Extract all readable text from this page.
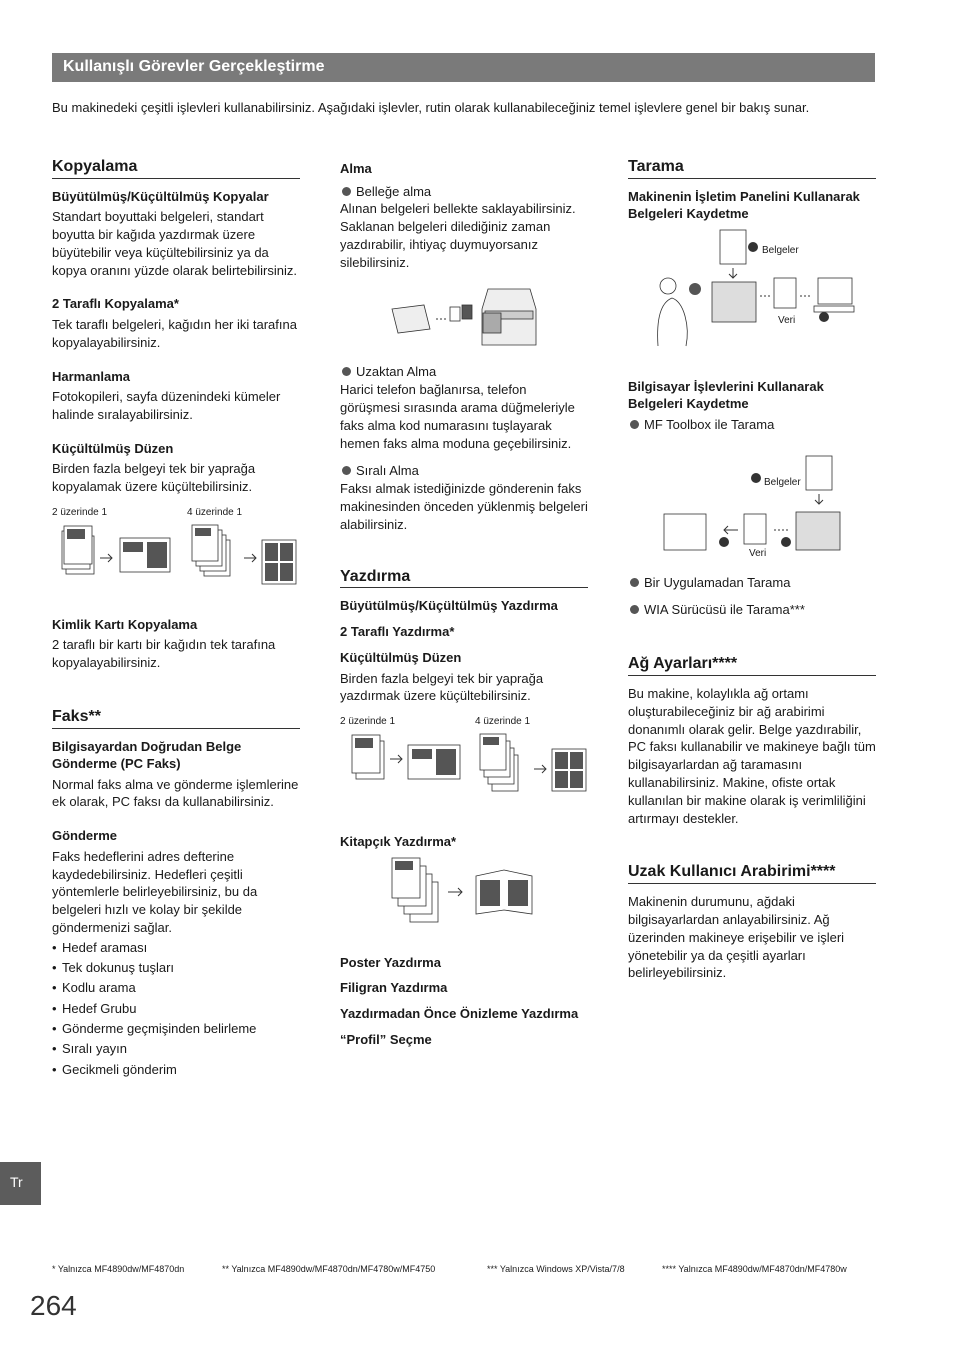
Kullanışlı Görevler Gerçekleştirme
Bu makinedeki çeşitli işlevleri kullanabilirsiniz. Aşağıdaki işlevler, rutin olarak kullanabileceğiniz temel işlevlere genel bir bakış sunar.
Kopyalama
Büyütülmüş/Küçültülmüş Kopyalar

Standart boyuttaki belgeleri, standart boyutta bir kağıda yazdırmak üzere büyütebilir veya küçültebilirsiniz ya da kopya oranını yüzde olarak belirtebilirsiniz.

2 Taraflı Kopyalama*

Tek taraflı belgeleri, kağıdın her iki tarafına kopyalayabilirsiniz.

Harmanlama

Fotokopileri, sayfa düzenindeki kümeler halinde sıralayabilirsiniz.

Küçültülmüş Düzen

Birden fazla belgeyi tek bir yaprağa kopyalamak üzere küçültebilirsiniz.

2 üzerinde 1	4 üzerinde 1
Kimlik Kartı Kopyalama

2 taraflı bir kartı bir kağıdın tek tarafına kopyalayabilirsiniz.

Faks**
Bilgisayardan Doğrudan Belge Gönderme (PC Faks)

Normal faks alma ve gönderme işlemlerine ek olarak, PC faksı da kullanabilirsiniz.

Gönderme

Faks hedeflerini adres defterine kaydedebilirsiniz. Hedefleri çeşitli yöntemlerle belirleyebilirsiniz, bu da belgeleri hızlı ve kolay bir şekilde göndermenizi sağlar.

• Hedef araması
• Tek dokunuş tuşları
• Kodlu arama
• Hedef Grubu
• Gönderme geçmişinden belirleme
• Sıralı yayın
• Gecikmeli gönderim
Alma
Belleğe alma

Alınan belgeleri bellekte saklayabilirsiniz. Saklanan belgeleri dilediğiniz zaman yazdırabilir, ihtiyaç duymuyorsanız silebilirsiniz.

Uzaktan Alma

Harici telefon bağlanırsa, telefon görüşmesi sırasında arama düğmeleriyle faks alma kod numarasını tuşlayarak hemen faks alma moduna geçebilirsiniz.

Sıralı Alma

Faksı almak istediğinizde gönderenin faks makinesinden önceden yüklenmiş belgeleri alabilirsiniz.

Yazdırma
Büyütülmüş/Küçültülmüş Yazdırma
2 Taraflı Yazdırma*
Küçültülmüş Düzen

Birden fazla belgeyi tek bir yaprağa yazdırmak üzere küçültebilirsiniz.

2 üzerinde 1	4 üzerinde 1
Kitapçık Yazdırma*
Poster Yazdırma
Filigran Yazdırma
Yazdırmadan Önce Önizleme Yazdırma
“Profil” Seçme
Tarama
Makinenin İşletim Panelini Kullanarak Belgeleri Kaydetme
Belgeler
Veri
Bilgisayar İşlevlerini Kullanarak Belgeleri Kaydetme
MF Toolbox ile Tarama
Belgeler
Veri
Bir Uygulamadan Tarama
WIA Sürücüsü ile Tarama***
Ağ Ayarları****

Bu makine, kolaylıkla ağ ortamı oluşturabileceğiniz bir ağ arabirimi donanımlı olarak gelir. Belge yazdırabilir, PC faksı kullanabilir ve makineye bağlı tüm bilgisayarlardan ağ taramasını kullanabilirsiniz. Makine, ofiste ortak kullanılan bir makine olarak iş verimliliğini artırmayı destekler.

Uzak Kullanıcı Arabirimi****

Makinenin durumunu, ağdaki bilgisayarlardan anlayabilirsiniz. Ağ üzerinden makineye erişebilir ve işleri yönetebilir ya da çeşitli ayarları belirleyebilirsiniz.

Tr
* Yalnızca MF4890dw/MF4870dn	** Yalnızca MF4890dw/MF4870dn/MF4780w/MF4750	*** Yalnızca Windows XP/Vista/7/8	**** Yalnızca MF4890dw/MF4870dn/MF4780w
264
